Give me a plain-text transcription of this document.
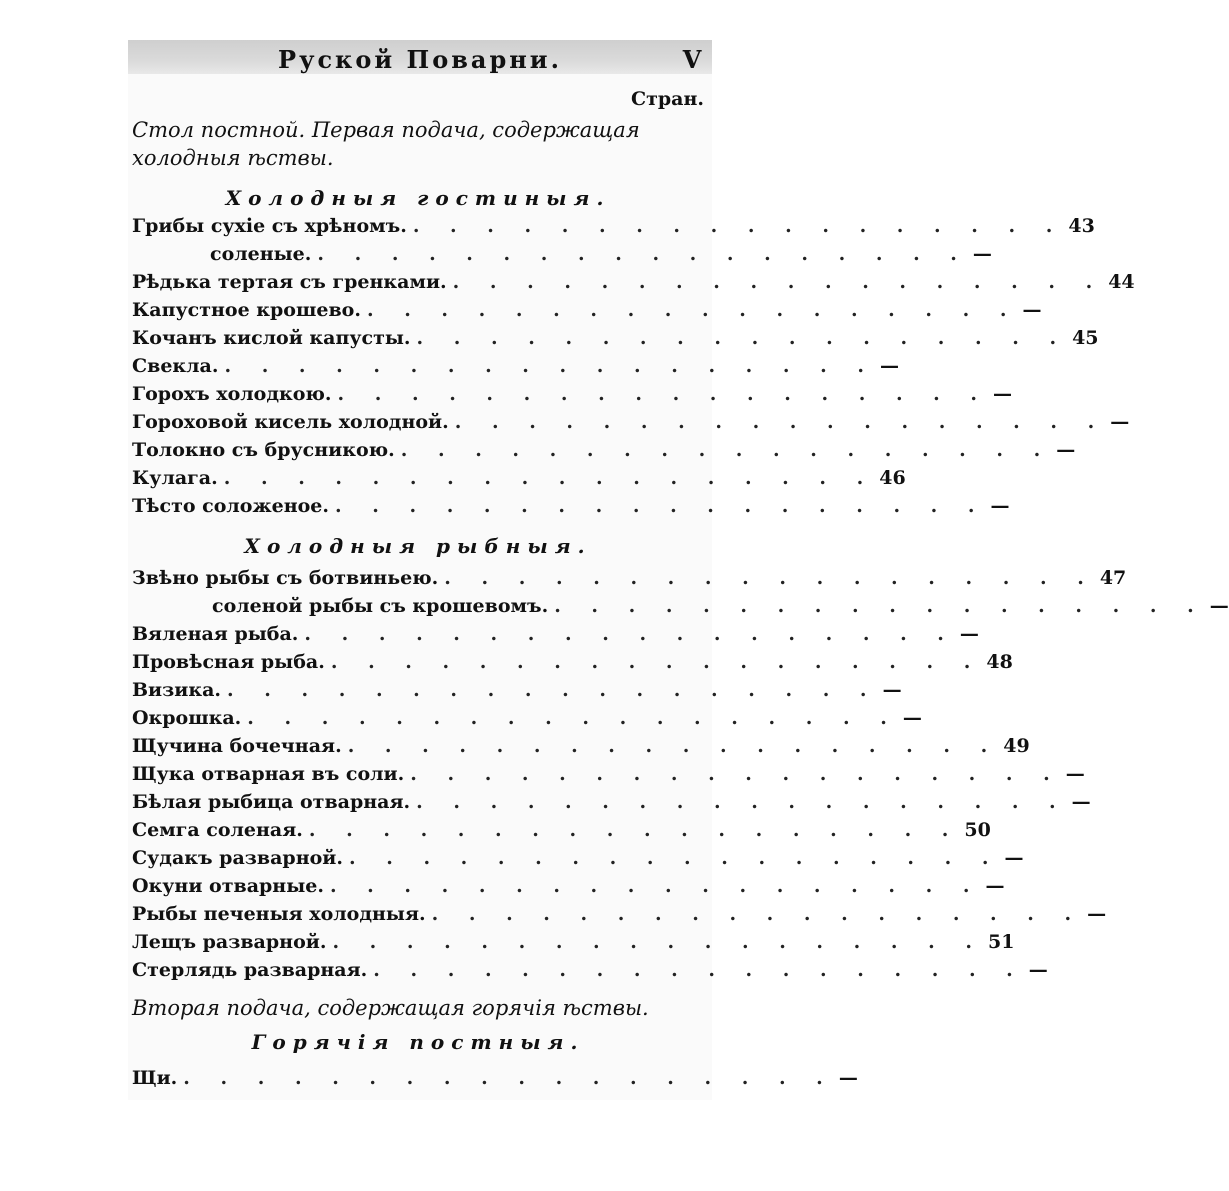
Руской Поварни.	V
Стран.
Стол постной. Первая подача, содержащая холодныя ѣствы.
Холодныя гостиныя.
Грибы сухіе съ хрѣномъ. . . . . . . . . . . . . . . . . . . 43
соленые. . . . . . . . . . . . . . . . . . . —
Рѣдька тертая съ гренками. . . . . . . . . . . . . . . . . . . 44
Капустное крошево. . . . . . . . . . . . . . . . . . . —
Кочанъ кислой капусты. . . . . . . . . . . . . . . . . . . 45
Свекла. . . . . . . . . . . . . . . . . . . —
Горохъ холодкою. . . . . . . . . . . . . . . . . . . —
Гороховой кисель холодной. . . . . . . . . . . . . . . . . . . —
Толокно съ брусникою. . . . . . . . . . . . . . . . . . . —
Кулага. . . . . . . . . . . . . . . . . . . 46
Тѣсто соложеное. . . . . . . . . . . . . . . . . . . —
Холодныя рыбныя.
Звѣно рыбы съ ботвиньею. . . . . . . . . . . . . . . . . . . 47
соленой рыбы съ крошевомъ. . . . . . . . . . . . . . . . . . . —
Вяленая рыба. . . . . . . . . . . . . . . . . . . —
Провѣсная рыба. . . . . . . . . . . . . . . . . . . 48
Визика. . . . . . . . . . . . . . . . . . . —
Окрошка. . . . . . . . . . . . . . . . . . . —
Щучина бочечная. . . . . . . . . . . . . . . . . . . 49
Щука отварная въ соли. . . . . . . . . . . . . . . . . . . —
Бѣлая рыбица отварная. . . . . . . . . . . . . . . . . . . —
Семга соленая. . . . . . . . . . . . . . . . . . . 50
Судакъ разварной. . . . . . . . . . . . . . . . . . . —
Окуни отварные. . . . . . . . . . . . . . . . . . . —
Рыбы печеныя холодныя. . . . . . . . . . . . . . . . . . . —
Лещъ разварной. . . . . . . . . . . . . . . . . . . 51
Стерлядь разварная. . . . . . . . . . . . . . . . . . . —
Вторая подача, содержащая горячія ѣствы.
Горячія постныя.
Щи. . . . . . . . . . . . . . . . . . . —
